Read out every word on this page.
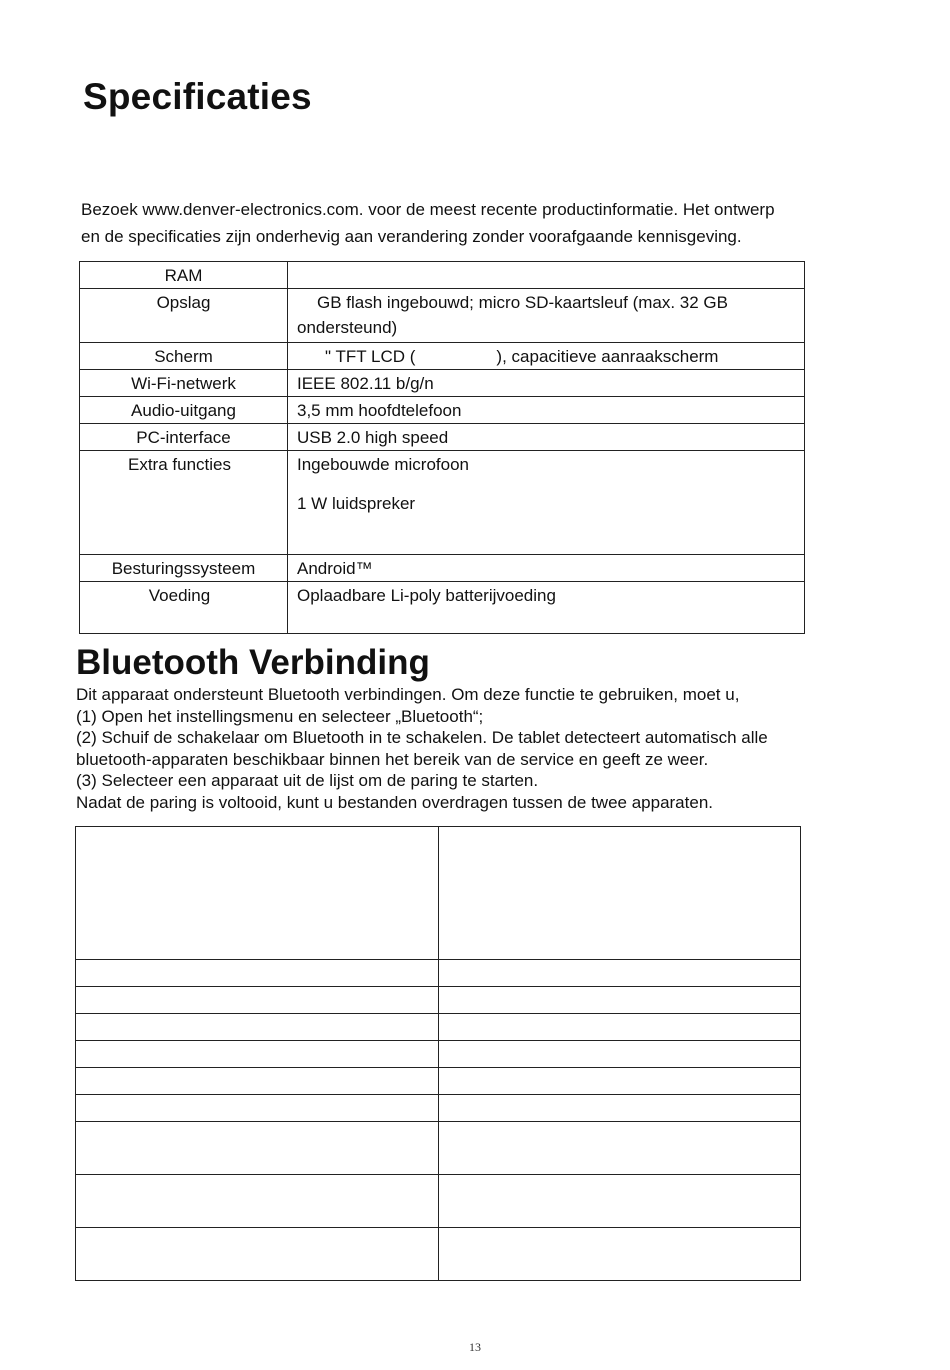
Specificaties

Bezoek www.denver-electronics.com. voor de meest recente productinformatie. Het ontwerp
en de specificaties zijn onderhevig aan verandering zonder voorafgaande kennisgeving.

RAM	
Opslag	GB flash ingebouwd; micro SD-kaartsleuf (max. 32 GB
ondersteund)

Scherm	" TFT LCD ( ), capacitieve aanraakscherm
Wi-Fi-netwerk	IEEE 802.11 b/g/n
Audio-uitgang	3,5 mm hoofdtelefoon
PC-interface	USB 2.0 high speed
Extra functies	Ingebouwde microfoon
1 W luidspreker

Besturingssysteem	Android™
Voeding	Oplaadbare Li-poly batterijvoeding
Bluetooth Verbinding

Dit apparaat ondersteunt Bluetooth verbindingen. Om deze functie te gebruiken, moet u,
(1) Open het instellingsmenu en selecteer „Bluetooth“;
(2) Schuif de schakelaar om Bluetooth in te schakelen. De tablet detecteert automatisch alle
bluetooth-apparaten beschikbaar binnen het bereik van de service en geeft ze weer.
(3) Selecteer een apparaat uit de lijst om de paring te starten.
Nadat de paring is voltooid, kunt u bestanden overdragen tussen de twee apparaten.

13
